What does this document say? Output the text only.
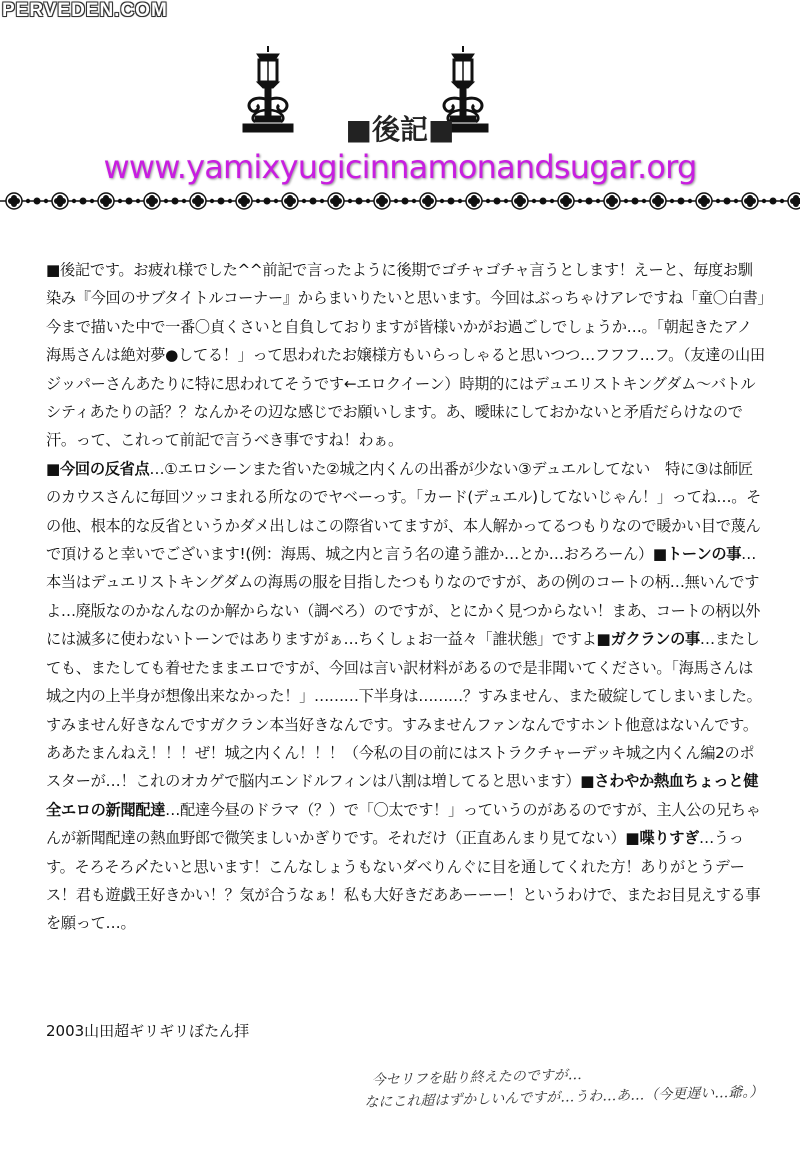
PERVEDEN.COM
■後記■
www.yamixyugicinnamonandsugar.org

■後記です。お疲れ様でした^^前記で言ったように後期でゴチャゴチャ言うとします！えーと、毎度お馴染み『今回のサブタイトルコーナー』からまいりたいと思います。今回はぶっちゃけアレですね「童〇白書」今まで描いた中で一番〇貞くさいと自負しておりますが皆様いかがお過ごしでしょうか…。「朝起きたアノ海馬さんは絶対夢●してる！」って思われたお嬢様方もいらっしゃると思いつつ…フフフ…フ。（友達の山田ジッパーさんあたりに特に思われてそうです←エロクイーン）時期的にはデュエリストキングダム～バトルシティあたりの話？？なんかその辺な感じでお願いします。あ、曖昧にしておかないと矛盾だらけなので汗。って、これって前記で言うべき事ですね！わぁ。

■今回の反省点…①エロシーンまた省いた②城之内くんの出番が少ない③デュエルしてない　特に③は師匠のカウスさんに毎回ツッコまれる所なのでヤベーっす。「カード(デュエル)してないじゃん！」ってね…。その他、根本的な反省というかダメ出しはこの際省いてますが、本人解かってるつもりなので暖かい目で蔑んで頂けると幸いでございます!(例：海馬、城之内と言う名の違う誰か…とか…おろろーん）■トーンの事…本当はデュエリストキングダムの海馬の服を目指したつもりなのですが、あの例のコートの柄…無いんですよ…廃版なのかなんなのか解からない（調べろ）のですが、とにかく見つからない！まあ、コートの柄以外には滅多に使わないトーンではありますがぁ…ちくしょお一益々「誰状態」ですよ■ガクランの事…またしても、またしても着せたままエロですが、今回は言い訳材料があるので是非聞いてください。「海馬さんは城之内の上半身が想像出来なかった！」………下半身は………？すみません、また破綻してしまいました。すみません好きなんですガクラン本当好きなんです。すみませんファンなんですホント他意はないんです。ああたまんねえ！！！ぜ！城之内くん！！！（今私の目の前にはストラクチャーデッキ城之内くん編2のポスターが…！これのオカゲで脳内エンドルフィンは八割は増してると思います）■さわやか熱血ちょっと健全エロの新聞配達…配達今昼のドラマ（？）で「〇太です！」っていうのがあるのですが、主人公の兄ちゃんが新聞配達の熱血野郎で微笑ましいかぎりです。それだけ（正直あんまり見てない）■喋りすぎ…うっす。そろそろ〆たいと思います！こんなしょうもないダべりんぐに目を通してくれた方！ありがとうデース！君も遊戯王好きかい！？気が合うなぁ！私も大好きだああーーー！というわけで、またお目見えする事を願って…。

2003山田超ギリギリぼたん拝
今セリフを貼り終えたのですが…
なにこれ超はずかしいんですが…うわ…あ…（今更遅い…爺。）
